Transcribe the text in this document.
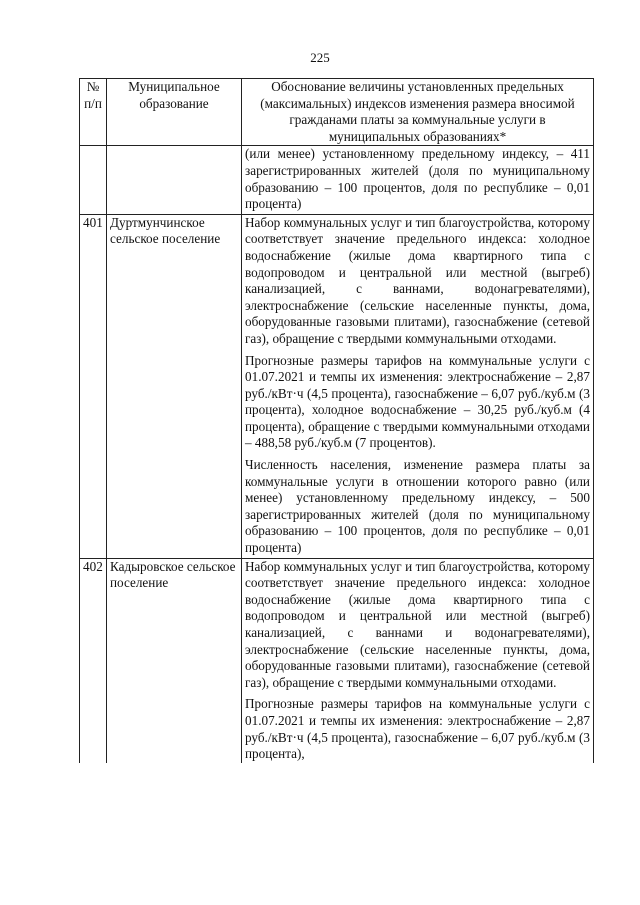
225
№ п/п	Муниципальное образование	Обоснование величины установленных предельных (максимальных) индексов изменения размера вносимой гражданами платы за коммунальные услуги в муниципальных образованиях*

		(или менее) установленному предельному индексу, – 411 зарегистрированных жителей (доля по муниципальному образованию – 100 процентов, доля по республике – 0,01 процента)

401	Дуртмунчинское сельское поселение	Набор коммунальных услуг и тип благоустройства, которому соответствует значение предельного индекса: холодное водоснабжение (жилые дома квартирного типа с водопроводом и центральной или местной (выгреб) канализацией, с ваннами, водонагревателями), электроснабжение (сельские населенные пункты, дома, оборудованные газовыми плитами), газоснабжение (сетевой газ), обращение с твердыми коммунальными отходами.

Прогнозные размеры тарифов на коммунальные услуги с 01.07.2021 и темпы их изменения: электроснабжение – 2,87 руб./кВт·ч (4,5 процента), газоснабжение – 6,07 руб./куб.м (3 процента), холодное водоснабжение – 30,25 руб./куб.м (4 процента), обращение с твердыми коммунальными отходами – 488,58 руб./куб.м (7 процентов).

Численность населения, изменение размера платы за коммунальные услуги в отношении которого равно (или менее) установленному предельному индексу, – 500 зарегистрированных жителей (доля по муниципальному образованию – 100 процентов, доля по республике – 0,01 процента)

402	Кадыровское сельское поселение	Набор коммунальных услуг и тип благоустройства, которому соответствует значение предельного индекса: холодное водоснабжение (жилые дома квартирного типа с водопроводом и центральной или местной (выгреб) канализацией, с ваннами и водонагревателями), электроснабжение (сельские населенные пункты, дома, оборудованные газовыми плитами), газоснабжение (сетевой газ), обращение с твердыми коммунальными отходами.

Прогнозные размеры тарифов на коммунальные услуги с 01.07.2021 и темпы их изменения: электроснабжение – 2,87 руб./кВт·ч (4,5 процента), газоснабжение – 6,07 руб./куб.м (3 процента),
